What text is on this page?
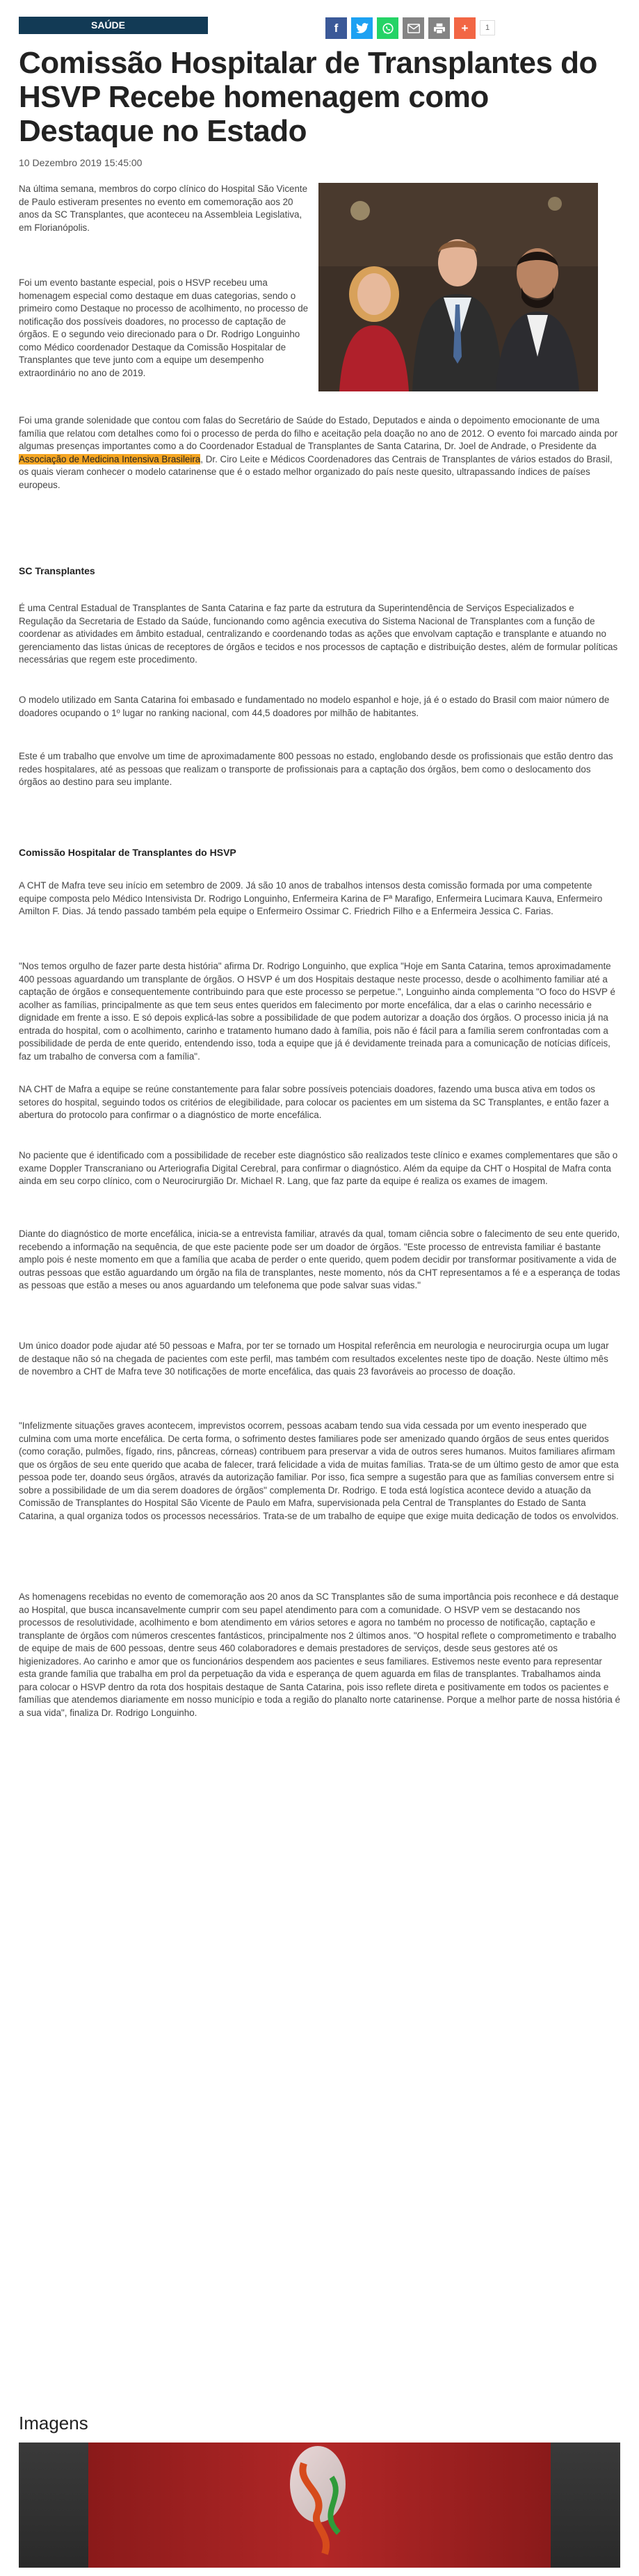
SAÚDE	f	+	1
Comissão Hospitalar de Transplantes do HSVP Recebe homenagem como Destaque no Estado
10 Dezembro 2019 15:45:00

Na última semana, membros do corpo clínico do Hospital São Vicente de Paulo estiveram presentes no evento em comemoração aos 20 anos da SC Transplantes, que aconteceu na Assembleia Legislativa, em Florianópolis.

Foi um evento bastante especial, pois o HSVP recebeu uma homenagem especial como destaque em duas categorias, sendo o primeiro como Destaque no processo de acolhimento, no processo de notificação dos possíveis doadores, no processo de captação de órgãos. E o segundo veio direcionado para o Dr. Rodrigo Longuinho como Médico coordenador Destaque da Comissão Hospitalar de Transplantes que teve junto com a equipe um desempenho extraordinário no ano de 2019.

Foi uma grande solenidade que contou com falas do Secretário de Saúde do Estado, Deputados e ainda o depoimento emocionante de uma família que relatou com detalhes como foi o processo de perda do filho e aceitação pela doação no ano de 2012. O evento foi marcado ainda por algumas presenças importantes como a do Coordenador Estadual de Transplantes de Santa Catarina, Dr. Joel de Andrade, o Presidente da Associação de Medicina Intensiva Brasileira, Dr. Ciro Leite e Médicos Coordenadores das Centrais de Transplantes de vários estados do Brasil, os quais vieram conhecer o modelo catarinense que é o estado melhor organizado do país neste quesito, ultrapassando índices de países europeus.

SC Transplantes

É uma Central Estadual de Transplantes de Santa Catarina e faz parte da estrutura da Superintendência de Serviços Especializados e Regulação da Secretaria de Estado da Saúde, funcionando como agência executiva do Sistema Nacional de Transplantes com a função de coordenar as atividades em âmbito estadual, centralizando e coordenando todas as ações que envolvam captação e transplante e atuando no gerenciamento das listas únicas de receptores de órgãos e tecidos e nos processos de captação e distribuição destes, além de formular políticas necessárias que regem este procedimento.

O modelo utilizado em Santa Catarina foi embasado e fundamentado no modelo espanhol e hoje, já é o estado do Brasil com maior número de doadores ocupando o 1º lugar no ranking nacional, com 44,5 doadores por milhão de habitantes.

Este é um trabalho que envolve um time de aproximadamente 800 pessoas no estado, englobando desde os profissionais que estão dentro das redes hospitalares, até as pessoas que realizam o transporte de profissionais para a captação dos órgãos, bem como o deslocamento dos órgãos ao destino para seu implante.

Comissão Hospitalar de Transplantes do HSVP

A CHT de Mafra teve seu início em setembro de 2009. Já são 10 anos de trabalhos intensos desta comissão formada por uma competente equipe composta pelo Médico Intensivista Dr. Rodrigo Longuinho, Enfermeira Karina de Fª Marafigo, Enfermeira Lucimara Kauva, Enfermeiro Amilton F. Dias. Já tendo passado também pela equipe o Enfermeiro Ossimar C. Friedrich Filho e a Enfermeira Jessica C. Farias.

"Nos temos orgulho de fazer parte desta história" afirma Dr. Rodrigo Longuinho, que explica "Hoje em Santa Catarina, temos aproximadamente 400 pessoas aguardando um transplante de órgãos. O HSVP é um dos Hospitais destaque neste processo, desde o acolhimento familiar até a captação de órgãos e consequentemente contribuindo para que este processo se perpetue.", Longuinho ainda complementa "O foco do HSVP é acolher as famílias, principalmente as que tem seus entes queridos em falecimento por morte encefálica, dar a elas o carinho necessário e dignidade em frente a isso. E só depois explicá-las sobre a possibilidade de que podem autorizar a doação dos órgãos. O processo inicia já na entrada do hospital, com o acolhimento, carinho e tratamento humano dado à família, pois não é fácil para a família serem confrontadas com a possibilidade de perda de ente querido, entendendo isso, toda a equipe que já é devidamente treinada para a comunicação de notícias difíceis, faz um trabalho de conversa com a família".

NA CHT de Mafra a equipe se reúne constantemente para falar sobre possíveis potenciais doadores, fazendo uma busca ativa em todos os setores do hospital, seguindo todos os critérios de elegibilidade, para colocar os pacientes em um sistema da SC Transplantes, e então fazer a abertura do protocolo para confirmar o a diagnóstico de morte encefálica.

No paciente que é identificado com a possibilidade de receber este diagnóstico são realizados teste clínico e exames complementares que são o exame Doppler Transcraniano ou Arteriografia Digital Cerebral, para confirmar o diagnóstico. Além da equipe da CHT o Hospital de Mafra conta ainda em seu corpo clínico, com o Neurocirurgião Dr. Michael R. Lang, que faz parte da equipe é realiza os exames de imagem.

Diante do diagnóstico de morte encefálica, inicia-se a entrevista familiar, através da qual, tomam ciência sobre o falecimento de seu ente querido, recebendo a informação na sequência, de que este paciente pode ser um doador de órgãos. "Este processo de entrevista familiar é bastante amplo pois é neste momento em que a família que acaba de perder o ente querido, quem podem decidir por transformar positivamente a vida de outras pessoas que estão aguardando um órgão na fila de transplantes, neste momento, nós da CHT representamos a fé e a esperança de todas as pessoas que estão a meses ou anos aguardando um telefonema que pode salvar suas vidas."

Um único doador pode ajudar até 50 pessoas e Mafra, por ter se tornado um Hospital referência em neurologia e neurocirurgia ocupa um lugar de destaque não só na chegada de pacientes com este perfil, mas também com resultados excelentes neste tipo de doação. Neste último mês de novembro a CHT de Mafra teve 30 notificações de morte encefálica, das quais 23 favoráveis ao processo de doação.

"Infelizmente situações graves acontecem, imprevistos ocorrem, pessoas acabam tendo sua vida cessada por um evento inesperado que culmina com uma morte encefálica. De certa forma, o sofrimento destes familiares pode ser amenizado quando órgãos de seus entes queridos (como coração, pulmões, fígado, rins, pâncreas, córneas) contribuem para preservar a vida de outros seres humanos. Muitos familiares afirmam que os órgãos de seu ente querido que acaba de falecer, trará felicidade a vida de muitas famílias. Trata-se de um último gesto de amor que esta pessoa pode ter, doando seus órgãos, através da autorização familiar. Por isso, fica sempre a sugestão para que as famílias conversem entre si sobre a possibilidade de um dia serem doadores de órgãos" complementa Dr. Rodrigo. E toda está logística acontece devido a atuação da Comissão de Transplantes do Hospital São Vicente de Paulo em Mafra, supervisionada pela Central de Transplantes do Estado de Santa Catarina, a qual organiza todos os processos necessários. Trata-se de um trabalho de equipe que exige muita dedicação de todos os envolvidos.

As homenagens recebidas no evento de comemoração aos 20 anos da SC Transplantes são de suma importância pois reconhece e dá destaque ao Hospital, que busca incansavelmente cumprir com seu papel atendimento para com a comunidade. O HSVP vem se destacando nos processos de resolutividade, acolhimento e bom atendimento em vários setores e agora no também no processo de notificação, captação e transplante de órgãos com números crescentes fantásticos, principalmente nos 2 últimos anos. "O hospital reflete o comprometimento e trabalho de equipe de mais de 600 pessoas, dentre seus 460 colaboradores e demais prestadores de serviços, desde seus gestores até os higienizadores. Ao carinho e amor que os funcionários despendem aos pacientes e seus familiares. Estivemos neste evento para representar esta grande família que trabalha em prol da perpetuação da vida e esperança de quem aguarda em filas de transplantes. Trabalhamos ainda para colocar o HSVP dentro da rota dos hospitais destaque de Santa Catarina, pois isso reflete direta e positivamente em todos os pacientes e famílias que atendemos diariamente em nosso município e toda a região do planalto norte catarinense. Porque a melhor parte de nossa história é a sua vida", finaliza Dr. Rodrigo Longuinho.

Imagens
